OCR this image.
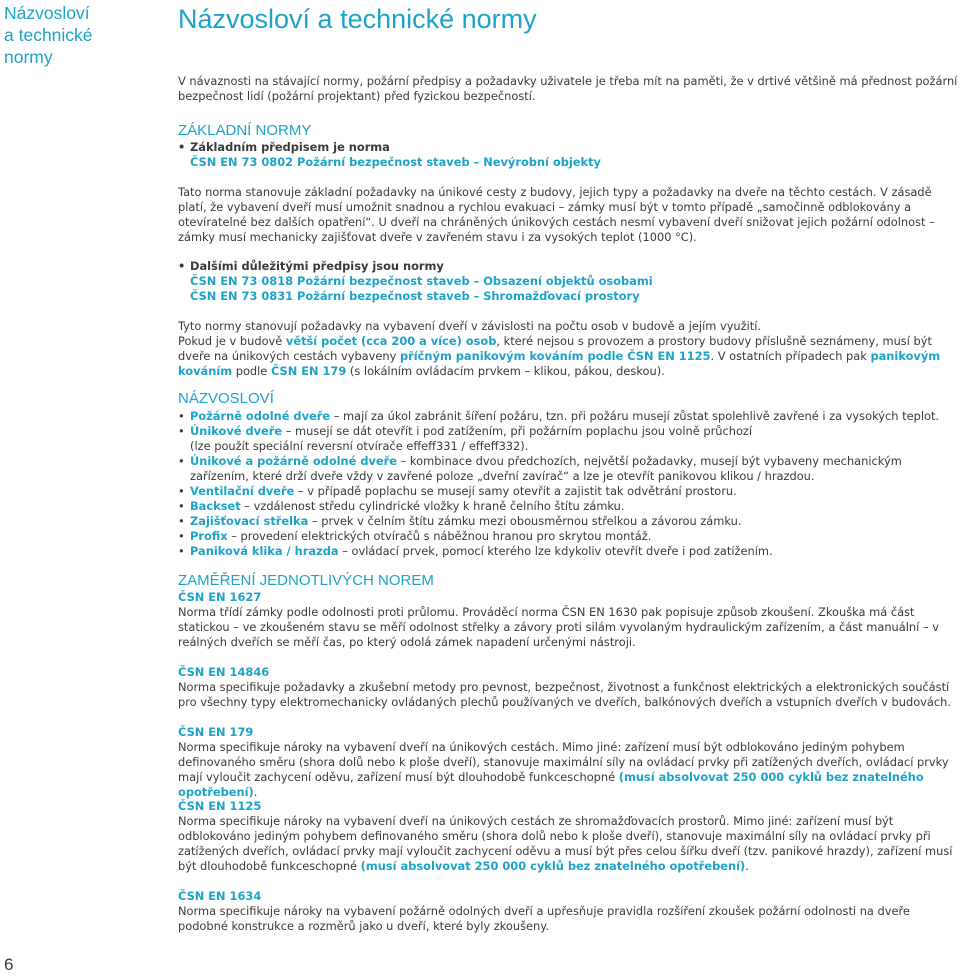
Názvosloví
a technické
normy
6
Názvosloví a technické normy

V návaznosti na stávající normy, požární předpisy a požadavky uživatele je třeba mít na paměti, že v drtivé většině má přednost požární bezpečnost lidí (požární projektant) před fyzickou bezpečností.

ZÁKLADNÍ NORMY
• Základním předpisem je norma
ČSN EN 73 0802 Požární bezpečnost staveb – Nevýrobní objekty

Tato norma stanovuje základní požadavky na únikové cesty z budovy, jejich typy a požadavky na dveře na těchto cestách. V zásadě platí, že vybavení dveří musí umožnit snadnou a rychlou evakuaci – zámky musí být v tomto případě „samočinně odblokovány a otevíratelné bez dalších opatření“. U dveří na chráněných únikových cestách nesmí vybavení dveří snižovat jejich požární odolnost – zámky musí mechanicky zajišťovat dveře v zavřeném stavu i za vysokých teplot (1000 °C).

• Dalšími důležitými předpisy jsou normy
ČSN EN 73 0818 Požární bezpečnost staveb – Obsazení objektů osobami
ČSN EN 73 0831 Požární bezpečnost staveb – Shromažďovací prostory

Tyto normy stanovují požadavky na vybavení dveří v závislosti na počtu osob v budově a jejím využití.

Pokud je v budově větší počet (cca 200 a více) osob, které nejsou s provozem a prostory budovy příslušně seznámeny, musí být dveře na únikových cestách vybaveny příčným panikovým kováním podle ČSN EN 1125. V ostatních případech pak panikovým kováním podle ČSN EN 179 (s lokálním ovládacím prvkem – klikou, pákou, deskou).

NÁZVOSLOVÍ
• Požárně odolné dveře – mají za úkol zabránit šíření požáru, tzn. při požáru musejí zůstat spolehlivě zavřené i za vysokých teplot.
• Únikové dveře – musejí se dát otevřít i pod zatížením, při požárním poplachu jsou volně průchozí
(lze použít speciální reversní otvírače effeff331 / effeff332).
• Únikové a požárně odolné dveře – kombinace dvou předchozích, největší požadavky, musejí být vybaveny mechanickým zařízením, které drží dveře vždy v zavřené poloze „dveřní zavírač“ a lze je otevřít panikovou klikou / hrazdou.
• Ventilační dveře – v případě poplachu se musejí samy otevřít a zajistit tak odvětrání prostoru.
• Backset – vzdálenost středu cylindrické vložky k hraně čelního štítu zámku.
• Zajišťovací střelka – prvek v čelním štítu zámku mezi obousměrnou střelkou a závorou zámku.
• Profix – provedení elektrických otvíračů s náběžnou hranou pro skrytou montáž.
• Paniková klika / hrazda – ovládací prvek, pomocí kterého lze kdykoliv otevřít dveře i pod zatížením.
ZAMĚŘENÍ JEDNOTLIVÝCH NOREM
ČSN EN 1627

Norma třídí zámky podle odolnosti proti průlomu. Prováděcí norma ČSN EN 1630 pak popisuje způsob zkoušení. Zkouška má část statickou – ve zkoušeném stavu se měří odolnost střelky a závory proti silám vyvolaným hydraulickým zařízením, a část manuální – v reálných dveřích se měří čas, po který odolá zámek napadení určenými nástroji.

ČSN EN 14846

Norma specifikuje požadavky a zkušební metody pro pevnost, bezpečnost, životnost a funkčnost elektrických a elektronických součástí pro všechny typy elektromechanicky ovládaných plechů používaných ve dveřích, balkónových dveřích a vstupních dveřích v budovách.

ČSN EN 179

Norma specifikuje nároky na vybavení dveří na únikových cestách. Mimo jiné: zařízení musí být odblokováno jediným pohybem definovaného směru (shora dolů nebo k ploše dveří), stanovuje maximální síly na ovládací prvky při zatížených dveřích, ovládací prvky mají vyloučit zachycení oděvu, zařízení musí být dlouhodobě funkceschopné (musí absolvovat 250 000 cyklů bez znatelného opotřebení).

ČSN EN 1125

Norma specifikuje nároky na vybavení dveří na únikových cestách ze shromažďovacích prostorů. Mimo jiné: zařízení musí být odblokováno jediným pohybem definovaného směru (shora dolů nebo k ploše dveří), stanovuje maximální síly na ovládací prvky při zatížených dveřích, ovládací prvky mají vyloučit zachycení oděvu a musí být přes celou šířku dveří (tzv. panikové hrazdy), zařízení musí být dlouhodobě funkceschopné (musí absolvovat 250 000 cyklů bez znatelného opotřebení).

ČSN EN 1634

Norma specifikuje nároky na vybavení požárně odolných dveří a upřesňuje pravidla rozšíření zkoušek požární odolnosti na dveře podobné konstrukce a rozměrů jako u dveří, které byly zkoušeny.
